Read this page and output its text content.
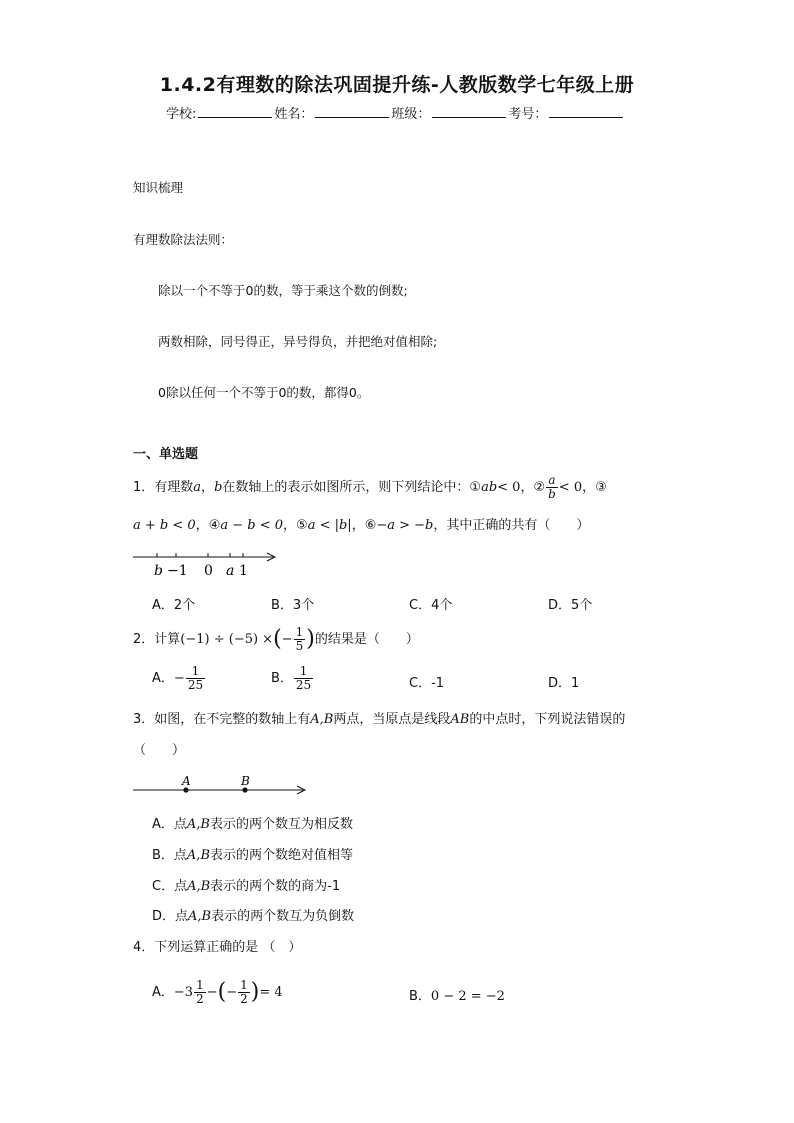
1.4.2有理数的除法巩固提升练-人教版数学七年级上册
学校:	姓名：	班级：	考号：
知识梳理
有理数除法法则：
除以一个不等于0的数，等于乘这个数的倒数;
两数相除，同号得正，异号得负，并把绝对值相除;
0除以任何一个不等于0的数，都得0。
一、单选题
1．有理数a，b在数轴上的表示如图所示，则下列结论中：①ab< 0，② $\frac{a}{b} < 0$，③
a + b < 0，④a − b < 0，⑤a < |b|，⑥−a > −b，其中正确的共有（　　）
b −1 0 a 1
A．2个	B．3个	C．4个	D．5个
2．计算(−1) ÷ (−5) ×(− $\frac{1}{5}$ )的结果是（　　）
A．− $\frac{1}{25}$	B． $\frac{1}{25}$	C．-1	D．1
3．如图，在不完整的数轴上有A,B两点，当原点是线段AB的中点时，下列说法错误的
（　　）
A	B
A．点A,B表示的两个数互为相反数
B．点A,B表示的两个数绝对值相等
C．点A,B表示的两个数的商为-1
D．点A,B表示的两个数互为负倒数
4．下列运算正确的是 （　）
A．$-3 \frac{1}{2}$ −(− $\frac{1}{2}$ )= 4	B．0 − 2 = −2
